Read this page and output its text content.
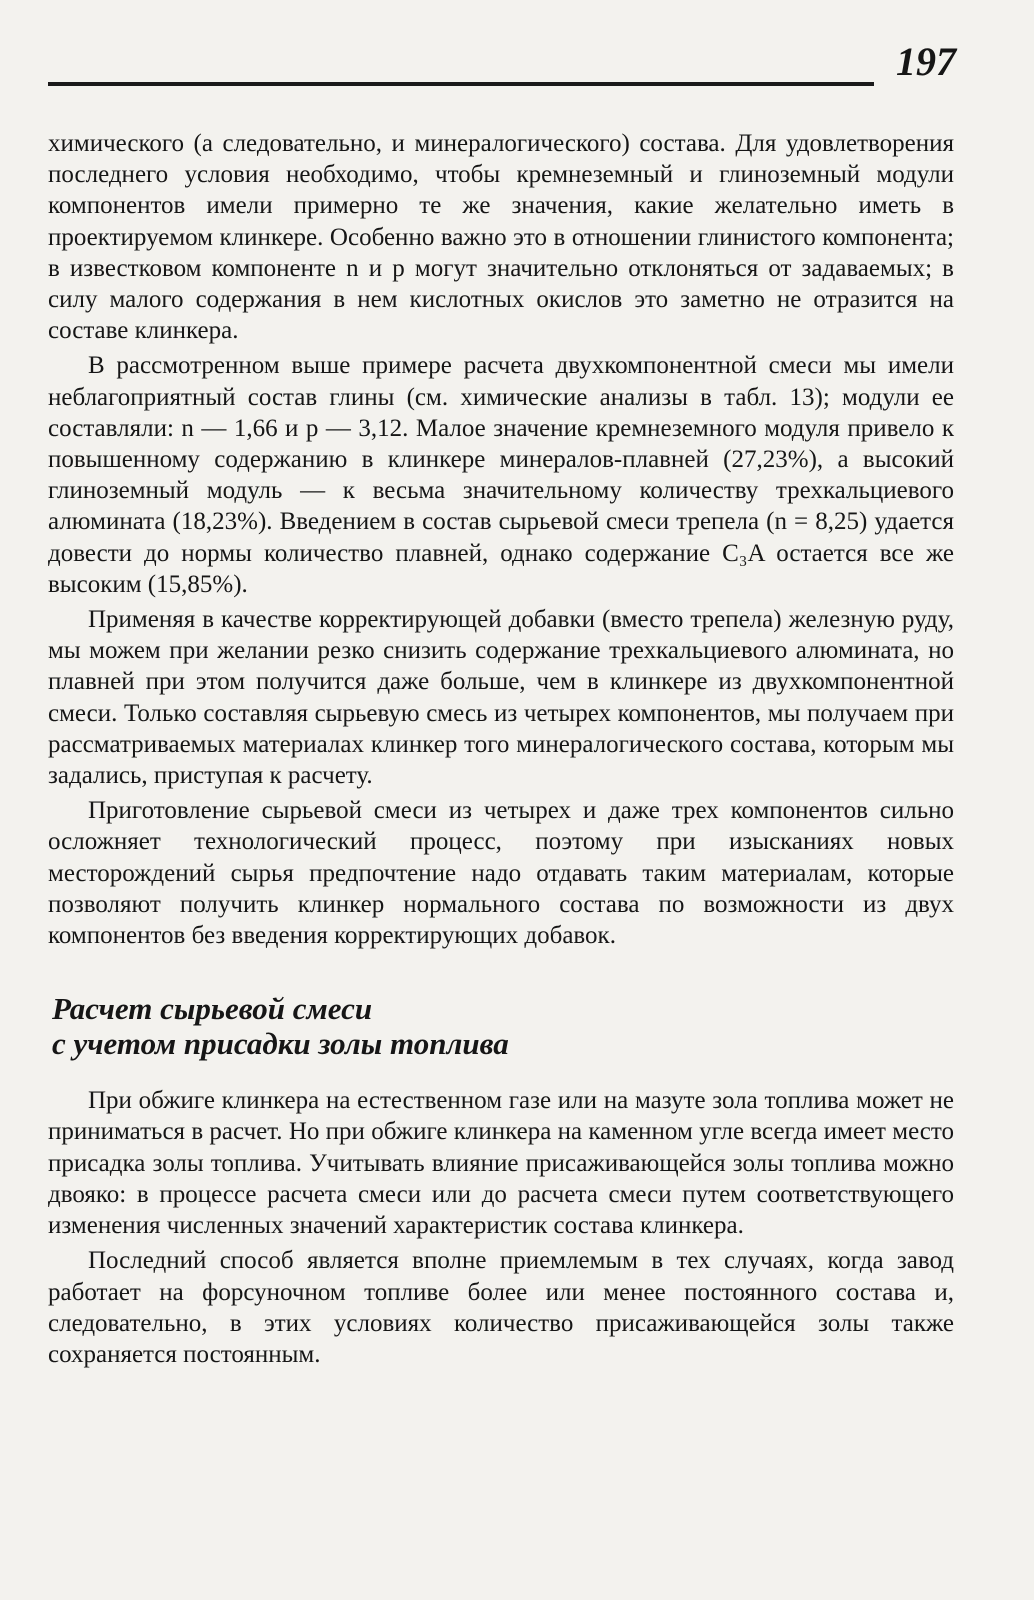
197

химического (а следовательно, и минералогического) состава. Для удовлетворения последнего условия необходимо, чтобы кремнеземный и глиноземный модули компонентов имели примерно те же значения, какие желательно иметь в проектируемом клинкере. Особенно важно это в отношении глинистого компонента; в известковом компоненте n и p могут значительно отклоняться от задаваемых; в силу малого содержания в нем кислотных окислов это заметно не отразится на составе клинкера.

В рассмотренном выше примере расчета двухкомпонентной смеси мы имели неблагоприятный состав глины (см. химические анализы в табл. 13); модули ее составляли: n — 1,66 и p — 3,12. Малое значение кремнеземного модуля привело к повышенному содержанию в клинкере минералов-плавней (27,23%), а высокий глиноземный модуль — к весьма значительному количеству трехкальциевого алюмината (18,23%). Введением в состав сырьевой смеси трепела (n = 8,25) удается довести до нормы количество плавней, однако содержание C₃A остается все же высоким (15,85%).

Применяя в качестве корректирующей добавки (вместо трепела) железную руду, мы можем при желании резко снизить содержание трехкальциевого алюмината, но плавней при этом получится даже больше, чем в клинкере из двухкомпонентной смеси. Только составляя сырьевую смесь из четырех компонентов, мы получаем при рассматриваемых материалах клинкер того минералогического состава, которым мы задались, приступая к расчету.

Приготовление сырьевой смеси из четырех и даже трех компонентов сильно осложняет технологический процесс, поэтому при изысканиях новых месторождений сырья предпочтение надо отдавать таким материалам, которые позволяют получить клинкер нормального состава по возможности из двух компонентов без введения корректирующих добавок.

Расчет сырьевой смеси
с учетом присадки золы топлива

При обжиге клинкера на естественном газе или на мазуте зола топлива может не приниматься в расчет. Но при обжиге клинкера на каменном угле всегда имеет место присадка золы топлива. Учитывать влияние присаживающейся золы топлива можно двояко: в процессе расчета смеси или до расчета смеси путем соответствующего изменения численных значений характеристик состава клинкера.

Последний способ является вполне приемлемым в тех случаях, когда завод работает на форсуночном топливе более или менее постоянного состава и, следовательно, в этих условиях количество присаживающейся золы также сохраняется постоянным.
